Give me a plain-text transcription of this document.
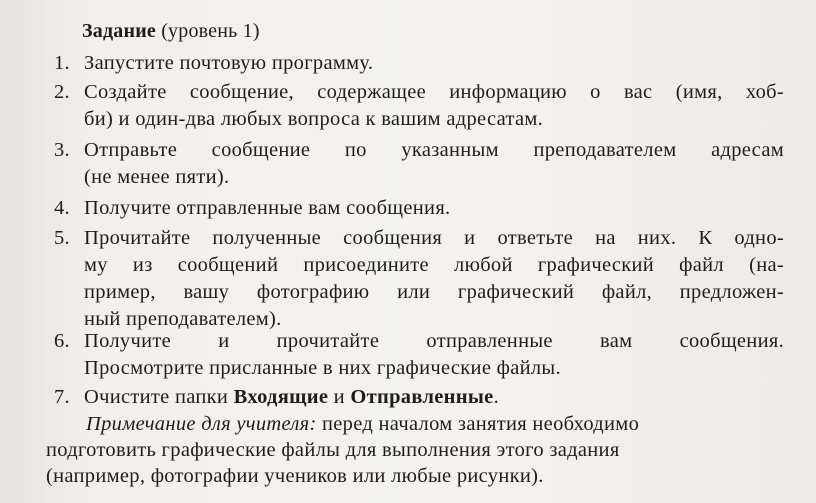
Задание (уровень 1)
1. Запустите почтовую программу.
2. Создайте сообщение, содержащее информацию о вас (имя, хоб-
би) и один-два любых вопроса к вашим адресатам.
3. Отправьте сообщение по указанным преподавателем адресам
(не менее пяти).
4. Получите отправленные вам сообщения.
5. Прочитайте полученные сообщения и ответьте на них. К одно-
му из сообщений присоедините любой графический файл (на-
пример, вашу фотографию или графический файл, предложен-
ный преподавателем).
6. Получите и прочитайте отправленные вам сообщения.
Просмотрите присланные в них графические файлы.
7. Очистите папки Входящие и Отправленные.
Примечание для учителя: перед началом занятия необходимо
подготовить графические файлы для выполнения этого задания
(например, фотографии учеников или любые рисунки).
